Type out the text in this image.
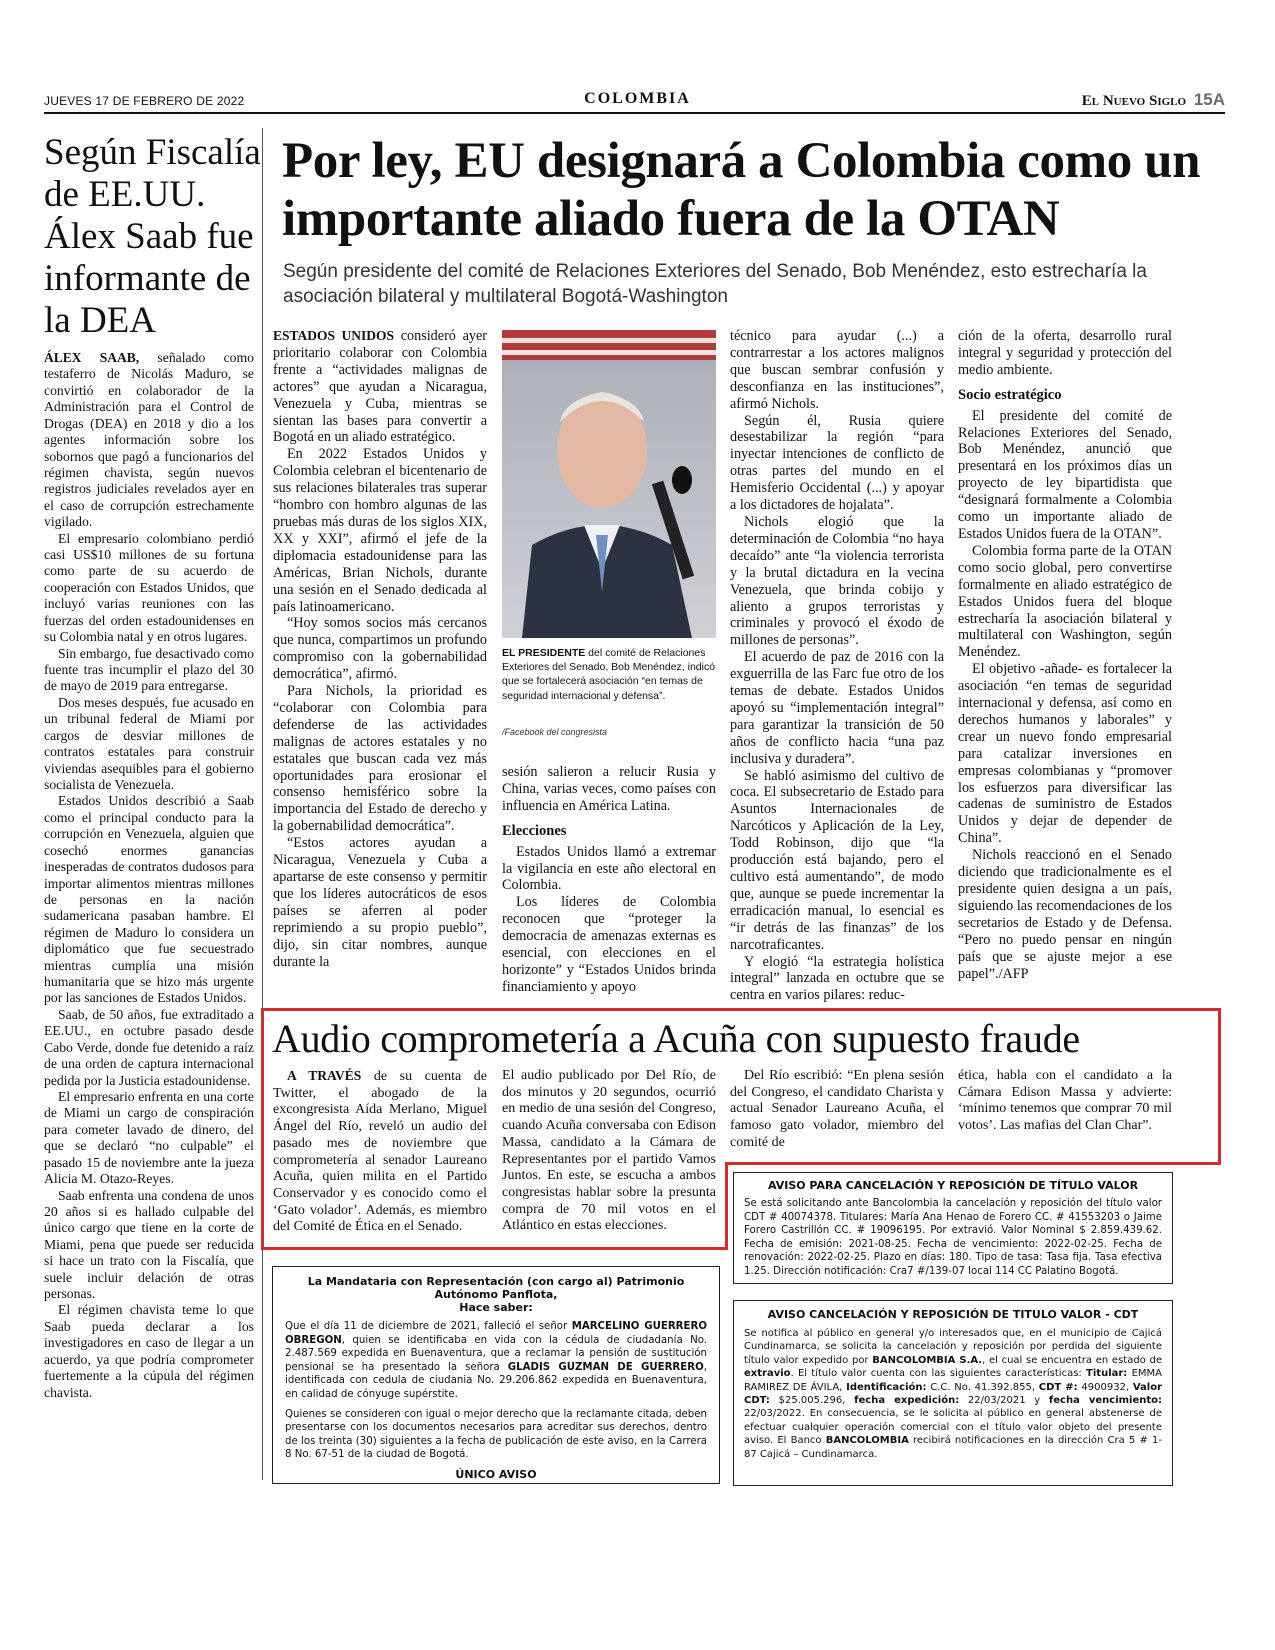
JUEVES 17 DE FEBRERO DE 2022	COLOMBIA	El Nuevo Siglo 15A
Según Fiscalía de EE.UU. Álex Saab fue informante de la DEA

ÁLEX SAAB, señalado como testaferro de Nicolás Maduro, se convirtió en colaborador de la Administración para el Control de Drogas (DEA) en 2018 y dio a los agentes información sobre los sobornos que pagó a funcionarios del régimen chavista, según nuevos registros judiciales revelados ayer en el caso de corrupción estrechamente vigilado.

El empresario colombiano perdió casi US$10 millones de su fortuna como parte de su acuerdo de cooperación con Estados Unidos, que incluyó varias reuniones con las fuerzas del orden estadounidenses en su Colombia natal y en otros lugares.

Sin embargo, fue desactivado como fuente tras incumplir el plazo del 30 de mayo de 2019 para entregarse.

Dos meses después, fue acusado en un tribunal federal de Miami por cargos de desviar millones de contratos estatales para construir viviendas asequibles para el gobierno socialista de Venezuela.

Estados Unidos describió a Saab como el principal conducto para la corrupción en Venezuela, alguien que cosechó enormes ganancias inesperadas de contratos dudosos para importar alimentos mientras millones de personas en la nación sudamericana pasaban hambre. El régimen de Maduro lo considera un diplomático que fue secuestrado mientras cumplía una misión humanitaria que se hizo más urgente por las sanciones de Estados Unidos.

Saab, de 50 años, fue extraditado a EE.UU., en octubre pasado desde Cabo Verde, donde fue detenido a raíz de una orden de captura internacional pedida por la Justicia estadounidense.

El empresario enfrenta en una corte de Miami un cargo de conspiración para cometer lavado de dinero, del que se declaró “no culpable” el pasado 15 de noviembre ante la jueza Alicia M. Otazo-Reyes.

Saab enfrenta una condena de unos 20 años si es hallado culpable del único cargo que tiene en la corte de Miami, pena que puede ser reducida si hace un trato con la Fiscalía, que suele incluir delación de otras personas.

El régimen chavista teme lo que Saab pueda declarar a los investigadores en caso de llegar a un acuerdo, ya que podría comprometer fuertemente a la cúpula del régimen chavista.

Por ley, EU designará a Colombia como un importante aliado fuera de la OTAN
Según presidente del comité de Relaciones Exteriores del Senado, Bob Menéndez, esto estrecharía la asociación bilateral y multilateral Bogotá-Washington

ESTADOS UNIDOS consideró ayer prioritario colaborar con Colombia frente a “actividades malignas de actores” que ayudan a Nicaragua, Venezuela y Cuba, mientras se sientan las bases para convertir a Bogotá en un aliado estratégico.

En 2022 Estados Unidos y Colombia celebran el bicentenario de sus relaciones bilaterales tras superar “hombro con hombro algunas de las pruebas más duras de los siglos XIX, XX y XXI”, afirmó el jefe de la diplomacia estadounidense para las Américas, Brian Nichols, durante una sesión en el Senado dedicada al país latinoamericano.

“Hoy somos socios más cercanos que nunca, compartimos un profundo compromiso con la gobernabilidad democrática”, afirmó.

Para Nichols, la prioridad es “colaborar con Colombia para defenderse de las actividades malignas de actores estatales y no estatales que buscan cada vez más oportunidades para erosionar el consenso hemisférico sobre la importancia del Estado de derecho y la gobernabilidad democrática”.

“Estos actores ayudan a Nicaragua, Venezuela y Cuba a apartarse de este consenso y permitir que los líderes autocráticos de esos países se aferren al poder reprimiendo a su propio pueblo”, dijo, sin citar nombres, aunque durante la

EL PRESIDENTE del comité de Relaciones Exteriores del Senado, Bob Menéndez, indicó que se fortalecerá asociación “en temas de seguridad internacional y defensa”.
/Facebook del congresista

sesión salieron a relucir Rusia y China, varias veces, como países con influencia en América Latina.

Elecciones

Estados Unidos llamó a extremar la vigilancia en este año electoral en Colombia.

Los líderes de Colombia reconocen que “proteger la democracia de amenazas externas es esencial, con elecciones en el horizonte” y “Estados Unidos brinda financiamiento y apoyo

técnico para ayudar (...) a contrarrestar a los actores malignos que buscan sembrar confusión y desconfianza en las instituciones”, afirmó Nichols.

Según él, Rusia quiere desestabilizar la región “para inyectar intenciones de conflicto de otras partes del mundo en el Hemisferio Occidental (...) y apoyar a los dictadores de hojalata”.

Nichols elogió que la determinación de Colombia “no haya decaído” ante “la violencia terrorista y la brutal dictadura en la vecina Venezuela, que brinda cobijo y aliento a grupos terroristas y criminales y provocó el éxodo de millones de personas”.

El acuerdo de paz de 2016 con la exguerrilla de las Farc fue otro de los temas de debate. Estados Unidos apoyó su “implementación integral” para garantizar la transición de 50 años de conflicto hacia “una paz inclusiva y duradera”.

Se habló asimismo del cultivo de coca. El subsecretario de Estado para Asuntos Internacionales de Narcóticos y Aplicación de la Ley, Todd Robinson, dijo que “la producción está bajando, pero el cultivo está aumentando”, de modo que, aunque se puede incrementar la erradicación manual, lo esencial es “ir detrás de las finanzas” de los narcotraficantes.

Y elogió “la estrategia holística integral” lanzada en octubre que se centra en varios pilares: reduc-

ción de la oferta, desarrollo rural integral y seguridad y protección del medio ambiente.

Socio estratégico

El presidente del comité de Relaciones Exteriores del Senado, Bob Menéndez, anunció que presentará en los próximos días un proyecto de ley bipartidista que “designará formalmente a Colombia como un importante aliado de Estados Unidos fuera de la OTAN”.

Colombia forma parte de la OTAN como socio global, pero convertirse formalmente en aliado estratégico de Estados Unidos fuera del bloque estrecharía la asociación bilateral y multilateral con Washington, según Menéndez.

El objetivo -añade- es fortalecer la asociación “en temas de seguridad internacional y defensa, así como en derechos humanos y laborales” y crear un nuevo fondo empresarial para catalizar inversiones en empresas colombianas y “promover los esfuerzos para diversificar las cadenas de suministro de Estados Unidos y dejar de depender de China”.

Nichols reaccionó en el Senado diciendo que tradicionalmente es el presidente quien designa a un país, siguiendo las recomendaciones de los secretarios de Estado y de Defensa. “Pero no puedo pensar en ningún país que se ajuste mejor a ese papel”./AFP

Audio comprometería a Acuña con supuesto fraude

A TRAVÉS de su cuenta de Twitter, el abogado de la excongresista Aída Merlano, Miguel Ángel del Río, reveló un audio del pasado mes de noviembre que comprometería al senador Laureano Acuña, quien milita en el Partido Conservador y es conocido como el ‘Gato volador’. Además, es miembro del Comité de Ética en el Senado.

El audio publicado por Del Río, de dos minutos y 20 segundos, ocurrió en medio de una sesión del Congreso, cuando Acuña conversaba con Edison Massa, candidato a la Cámara de Representantes por el partido Vamos Juntos. En este, se escucha a ambos congresistas hablar sobre la presunta compra de 70 mil votos en el Atlántico en estas elecciones.

Del Río escribió: “En plena sesión del Congreso, el candidato Charista y actual Senador Laureano Acuña, el famoso gato volador, miembro del comité de

ética, habla con el candidato a la Cámara Edison Massa y advierte: ‘mínimo tenemos que comprar 70 mil votos’. Las mafias del Clan Char”.

La Mandataria con Representación (con cargo al) Patrimonio Autónomo Panflota,
Hace saber:
Que el día 11 de diciembre de 2021, falleció el señor MARCELINO GUERRERO OBREGON, quien se identificaba en vida con la cédula de ciudadanía No. 2.487.569 expedida en Buenaventura, que a reclamar la pensión de sustitución pensional se ha presentado la señora GLADIS GUZMAN DE GUERRERO, identificada con cedula de ciudania No. 29.206.862 expedida en Buenaventura, en calidad de cónyuge supérstite.
Quienes se consideren con igual o mejor derecho que la reclamante citada, deben presentarse con los documentos necesarios para acreditar sus derechos, dentro de los treinta (30) siguientes a la fecha de publicación de este aviso, en la Carrera 8 No. 67-51 de la ciudad de Bogotá.
ÚNICO AVISO
AVISO PARA CANCELACIÓN Y REPOSICIÓN DE TÍTULO VALOR
Se está solicitando ante Bancolombia la cancelación y reposición del título valor CDT # 40074378. Titulares: María Ana Henao de Forero CC. # 41553203 o Jaime Forero Castrillón CC. # 19096195. Por extravió. Valor Nominal $ 2.859.439.62. Fecha de emisión: 2021-08-25. Fecha de vencimiento: 2022-02-25. Fecha de renovación: 2022-02-25. Plazo en días: 180. Tipo de tasa: Tasa fija. Tasa efectiva 1.25. Dirección notificación: Cra7 #/139-07 local 114 CC Palatino Bogotá.
AVISO CANCELACIÓN Y REPOSICIÓN DE TITULO VALOR - CDT
Se notifica al público en general y/o interesados que, en el municipio de Cajicá Cundinamarca, se solicita la cancelación y reposición por perdida del siguiente título valor expedido por BANCOLOMBIA S.A., el cual se encuentra en estado de extravio. El título valor cuenta con las siguientes características: Titular: EMMA RAMIREZ DE ÁVILA, Identificación: C.C. No. 41.392.855, CDT #: 4900932, Valor CDT: $25.005.296, fecha expedición: 22/03/2021 y fecha vencimiento: 22/03/2022. En consecuencia, se le solicita al público en general abstenerse de efectuar cualquier operación comercial con el título valor objeto del presente aviso. El Banco BANCOLOMBIA recibirá notificaciones en la dirección Cra 5 # 1- 87 Cajicá – Cundinamarca.
